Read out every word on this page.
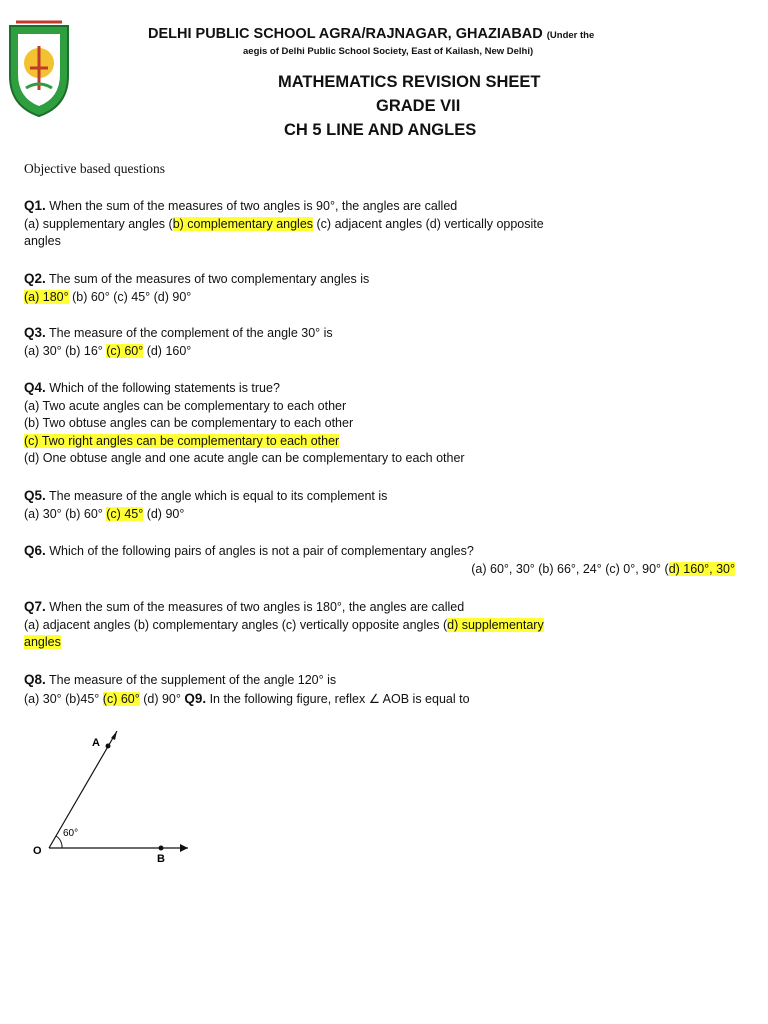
DELHI PUBLIC SCHOOL AGRA/RAJNAGAR, GHAZIABAD (Under the
aegis of Delhi Public School Society, East of Kailash, New Delhi)
MATHEMATICS REVISION SHEET
GRADE VII
CH 5 LINE AND ANGLES
Objective based questions
Q1. When the sum of the measures of two angles is 90°, the angles are called
(a) supplementary angles (b) complementary angles (c) adjacent angles (d) vertically opposite
angles
Q2. The sum of the measures of two complementary angles is
(a) 180° (b) 60° (c) 45° (d) 90°
Q3. The measure of the complement of the angle 30° is
(a) 30° (b) 16° (c) 60° (d) 160°
Q4. Which of the following statements is true?
(a) Two acute angles can be complementary to each other
(b) Two obtuse angles can be complementary to each other
(c) Two right angles can be complementary to each other
(d) One obtuse angle and one acute angle can be complementary to each other
Q5. The measure of the angle which is equal to its complement is
(a) 30° (b) 60° (c) 45° (d) 90°
Q6. Which of the following pairs of angles is not a pair of complementary angles?
(a) 60°, 30° (b) 66°, 24° (c) 0°, 90° (d) 160°, 30°
Q7. When the sum of the measures of two angles is 180°, the angles are called
(a) adjacent angles (b) complementary angles (c) vertically opposite angles (d) supplementary
angles
Q8. The measure of the supplement of the angle 120° is
(a) 30° (b)45° (c) 60° (d) 90° Q9. In the following figure, reflex ∠ AOB is equal to
A
O
B
60°
